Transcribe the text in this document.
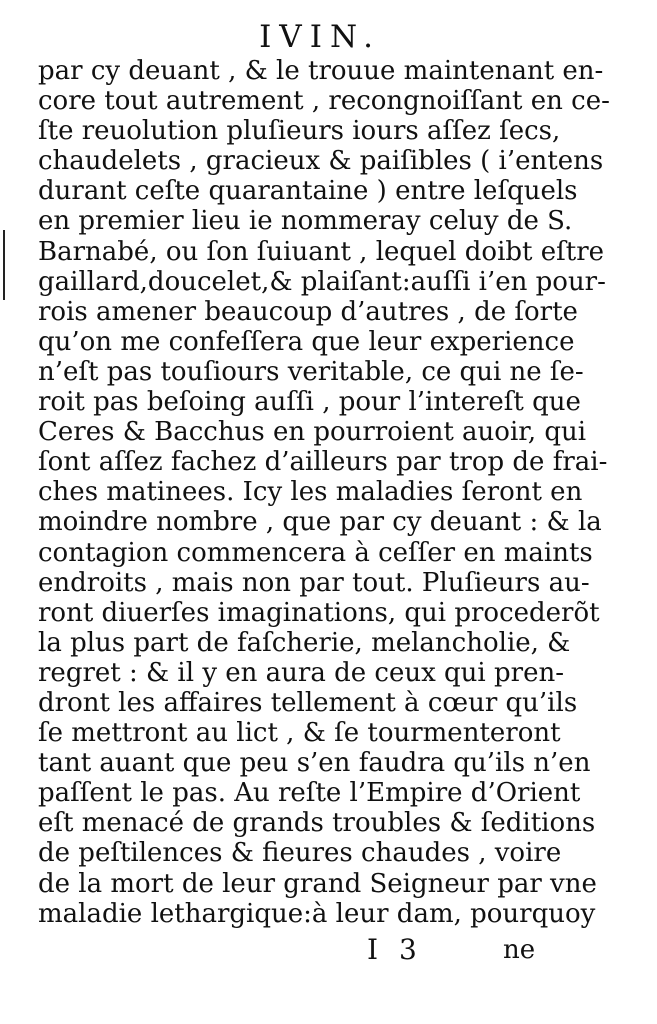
IVIN.
par cy deuant , & le trouue maintenant en-
core tout autrement , recongnoiſſant en ce-
ſte reuolution pluſieurs iours aſſez ſecs,
chaudelets , gracieux & paiſibles ( i’entens
durant ceſte quarantaine ) entre leſquels
en premier lieu ie nommeray celuy de S.
Barnabé, ou ſon ſuiuant , lequel doibt eſtre
gaillard,doucelet,& plaiſant:auſſi i’en pour-
rois amener beaucoup d’autres , de ſorte
qu’on me confeſſera que leur experience
n’eſt pas touſiours veritable, ce qui ne ſe-
roit pas beſoing auſſi , pour l’intereſt que
Ceres & Bacchus en pourroient auoir, qui
ſont aſſez fachez d’ailleurs par trop de frai-
ches matinees. Icy les maladies ſeront en
moindre nombre , que par cy deuant : & la
contagion commencera à ceſſer en maints
endroits , mais non par tout. Pluſieurs au-
ront diuerſes imaginations, qui procederõt
la plus part de faſcherie, melancholie, &
regret : & il y en aura de ceux qui pren-
dront les affaires tellement à cœur qu’ils
ſe mettront au lict , & ſe tourmenteront
tant auant que peu s’en faudra qu’ils n’en
paſſent le pas. Au reſte l’Empire d’Orient
eſt menacé de grands troubles & ſeditions
de peſtilences & fieures chaudes , voire
de la mort de leur grand Seigneur par vne
maladie lethargique:à leur dam, pourquoy
I 3	ne
